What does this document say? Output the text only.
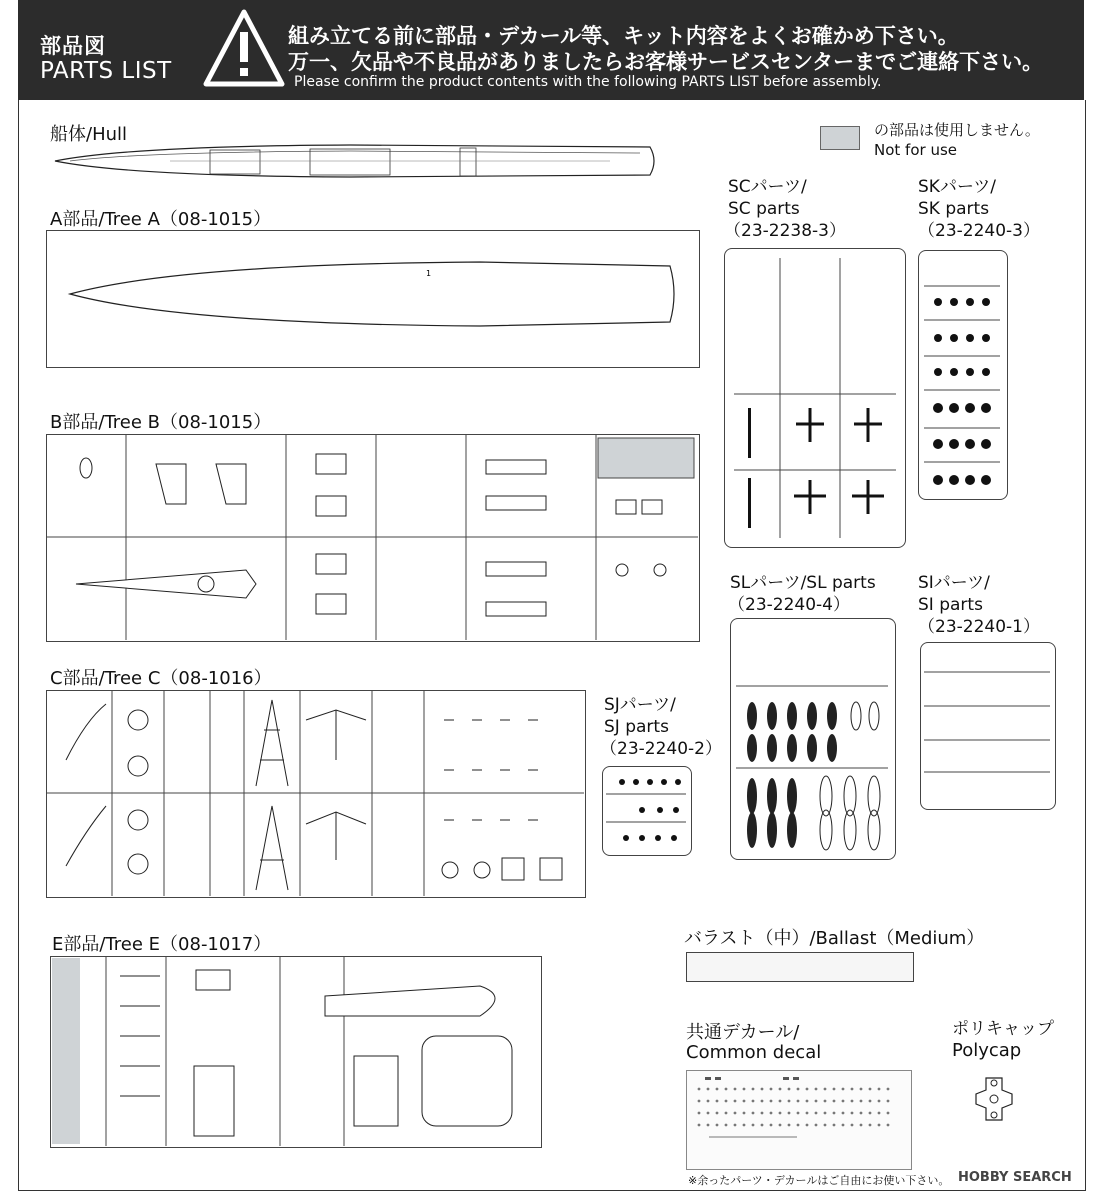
部品図
PARTS LIST
組み立てる前に部品・デカール等、キット内容をよくお確かめ下さい。
万一、欠品や不良品がありましたらお客様サービスセンターまでご連絡下さい。
Please confirm the product contents with the following PARTS LIST before assembly.
の部品は使用しません。
Not for use
船体/Hull
A部品/Tree A（08-1015）
1
B部品/Tree B（08-1015）
C部品/Tree C（08-1016）
E部品/Tree E（08-1017）
SCパーツ/
SC parts
（23-2238-3）
SKパーツ/
SK parts
（23-2240-3）
SLパーツ/SL parts
（23-2240-4）
SIパーツ/
SI parts
（23-2240-1）
SJパーツ/
SJ parts
（23-2240-2）
バラスト（中）/Ballast（Medium）
共通デカール/
Common decal
ポリキャップ
Polycap
※余ったパーツ・デカールはご自由にお使い下さい。 HOBBY SEARCH
